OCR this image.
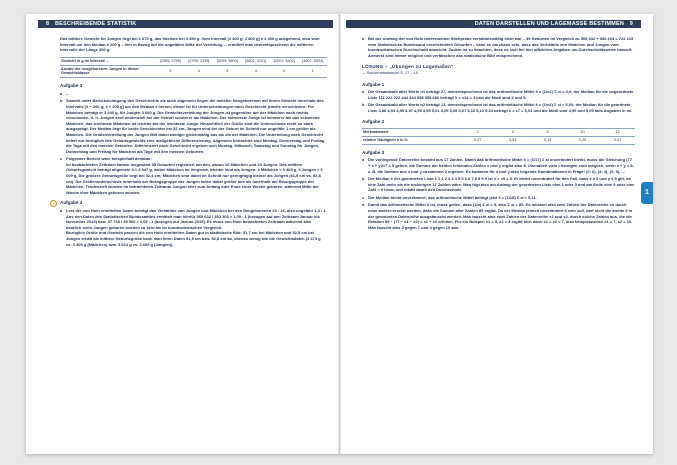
8 BESCHREIBENDE STATISTIK

Das mittlere Gewicht für Jungen liegt bei 2 670 g, das höchste bei 4 450 g. Vom Intervall [2 400 g; 2 800 g] ≥ 3 400 g ausgehend, also vom Intervall um den Median ± 200 g – hier in Bezug auf die ungefähre Mitte der Verteilung –, ermittelt man dementsprechend die mittleren Intervalle der Länge 400 g:

Gewicht in g im Intervall …	]2399; 2799]	]2799; 3199]	]3199; 3600]	]3601; 4201]	]4201; 4602]	]4602; 5003]
Anzahl der neugeborenen Jungen in dieser Gewichtsklasse	3	4	9	4	2	1
Aufgabe 3
a –
b Sowohl unter Berücksichtigung des Geschlechts als auch allgemein liegen die meisten Neugeborenen mit ihrem Gewicht innerhalb des Intervalls [x̄ − 200 g; x̄ + 200 g] um den Median x̃ herum; dieser ist für Unterscheidungen nach Geschlecht jeweils verschieden: Für Mädchen beträgt er 3 400 g, für Jungen 3 600 g. Die Gewichtsverteilung der Jungen ist gegenüber der der Mädchen nach rechts verschoben, d. h. Jungen sind tendenziell bei der Geburt schwerer als Mädchen. Der schwerste Junge ist schwerer als das schwerste Mädchen, das leichteste Mädchen ist leichter als der leichteste Junge. Hinsichtlich der Größe sind die Unterschiede nicht so stark ausgeprägt. Der Median liegt für beide Geschlechter bei 52 cm, Jungen sind bei der Geburt im Schnitt nur ungefähr 1 cm größer als Mädchen. Die Größenverteilung der Jungen fällt dabei weniger gleichmäßig aus als die der Mädchen. Die Unterteilung nach Geschlecht liefert nur bezüglich des Geburtsgewichts eine maßgebliche Differenzierung. Allgemein betrachtet sind Montag, Donnerstag und Freitag die Tage mit den meisten Geburten. Differenziert nach Geschlecht ergeben sich Montag, Mittwoch, Samstag und Sonntag für Jungen, Donnerstag und Freitag für Mädchen als Tage mit den meisten Geburten.
c Folgender Bericht wäre beispielhaft denkbar:
Im beobachteten Zeitraum kamen insgesamt 39 Geburten registriert werden, davon 16 Mädchen und 23 Jungen. Das mittlere Geburtsgewicht beträgt allgemein x̄ ≈ 3 547 g, wobei Mädchen im Vergleich leichter sind als Jungen: x̄ Mädchen ≈ 3 409 g, x̄ Jungen ≈ 3 609 g. Die größere Geburtsgröße liegt bei 52,4 cm; Mädchen sind dabei im Schnitt nur geringfügig kleiner als Jungen (51,9 cm vs. 52,8 cm). Die Größenunterschiede innerhalb der Bezugsgruppe der Jungen fallen dabei größer aus als innerhalb der Bezugsgruppe der Mädchen. Tendenziell wurden im betrachteten Zeitraum Jungen eher zum Anfang oder Ende einer Woche geboren, während Mitte der Woche eher Mädchen geboren wurden.
+	Aufgabe 4
a Lest der von Holn ermittelten Daten beträgt das Verhältnis von Jungen und Mädchen bei den Neugeborenen 23 : 16, also ungefähr 1,4 : 1. Aus den Daten des Statistischen Bundesamtes ermittelt man hierfür 369 632 / 352 203 ≈ 1,05 : 1 (bezogen auf den Zeitraum Januar bis November 2015) bzw. 37 728 / 35 900 ≈ 1,05 : 1 (bezogen auf Januar 2015). Es muss von Holn betrachteten Zeitraum während also deutlich mehr Jungen geboren worden zu sein als im bundesdeutschen Vergleich.
Bezüglich Größe und Gewicht passen die von Holn ermittelten Daten gut in statistische Bild: 51,7 cm bei Mädchen und 52,5 cm bei Jungen erhält als mittlere Geburtsgröße kann man ihren Daten 51,9 cm bzw. 52,8 cm ab, ebenso wenig wie die Gewichtsdaten (3 473 g vs. 3 409 g (Mädchen) bzw. 3 624 g vs. 3 609 g (Jungen)).
DATEN DARSTELLEN UND LAGEMASSE BESTIMMEN 9
b Bei der Umfang der von Holn untersuchten Stichprobe verhältnismäßig klein war – 39 Geburten im Vergleich zu 369 632 + 352 203 = 722 215 vom Statistischen Bundesamt verzeichneten Geburten – kann es durchaus sein, dass das Verhältnis von Mädchen und Jungen vom bundesdeutschen Durchschnitt abweicht. Zudem ist zu beachten, dass es sich bei den offiziellen Angaben um Durchschnittswerte handelt. Anmerkt sind immer möglich und verfälschen das statistische Bild entsprechend.
LÖSUNG – „Übungen zu Lagemaßen“
→ Schülerarbeitsbuch S. 17 – 18
Aufgabe 1
a Die Gesamtzahl aller Werte n1 beträgt 27, dementsprechend ist das arithmetische Mittel x̄ = (1/n1) Σ xi = 3,6; der Median für die ungeordnete Liste 111 222 222 444 444 555 555 666 beträgt x̃ = x14 = 4 und die Modi sind 4 und 5.
b Die Gesamtzahl aller Werte n2 beträgt 13, dementsprechend ist das arithmetische Mittel x̄ = (1/n2) Σ xi ≈ 5,03; der Median für die geordnete Liste 4,86 4,93 4,95 4,97 4,99 4,99 5,01 5,05 5,05 5,07 5,10 5,12 5,23 beträgt x̃ = x7 = 5,01 und die Modi sind 4,99 und 5,05 falls Angaben in ml.
Aufgabe 2
Merkmalswert	2	4	6	10	12
relative Häufigkeit h in %	0,27	0,53	0,13	0,45	0,07
Aufgabe 3
a Die vorliegende Datenreihe besteht aus 17 Zahlen. Damit das arithmetische Mittel x̄ = (1/17) Σ xi unverändert bleibt, muss die Gleichung (77 + x + y)/17 = 5 gelten, die Summe der beiden fehlenden Zahlen x und y ergibt also 8. Unendlich viele Lösungen sind möglich, wenn x + y = 8, z. B. die Summe aus x und y zusammen 2 ergeben. Es kommen für x und y also folgende Kombinationen in Frage: (2; 6), (4; 4), (3; 5), …
b Der Median x̃ der geordneten Liste 1 1 1 2 3 3 3 5 5 6 6 7 8 9 9 9 ist x̃ = x9 = 5. Er bleibt unverändert für den Fall, dass x ≥ 5 und y ≤ 5 gilt, da eine Zahl mehr als die bisherigen 17 Zahlen wäre. Man fügt also am Anfang der geordneten Liste eine 1 oder 0 und am Ende eine 9 oder eine Zahl > 9 hinzu und erhält damit den Durchschnitt.
c Der Median bleibt unverändert; das arithmetische Mittel beträgt jetzt x̄ = (1/18) Σ xi ≈ 5,11.
d Damit das arithmetische Mittel 5 ist, muss gelten, dass (1/n) Σ xi = 5, also Σ xi = 85. Es müssen also zwei Zahlen der Datenreihe so durch neue andere ersetzt werden, dass die Summe aller Zahlen 85 ergibt. Da der Median jedoch unverändert 5 sein soll, darf nicht die zweite 5 in der geordneten Datenreihe ausgetauscht werden. Man tauscht also zwei Zahlen der Datenreihe x1 und x2, durch solche Zahlen aus, die die Relation 85 − (77 − x1 − x2) = x1 + x2 erfüllen. Für ein Beispiel x1 = 3, x2 = 4 ergibt sich dann x1 = x2 = 7, also beispielsweise x1 = 7, x2 = 10. Man tauscht also 3 gegen 7 und 4 gegen 10 aus.
1
